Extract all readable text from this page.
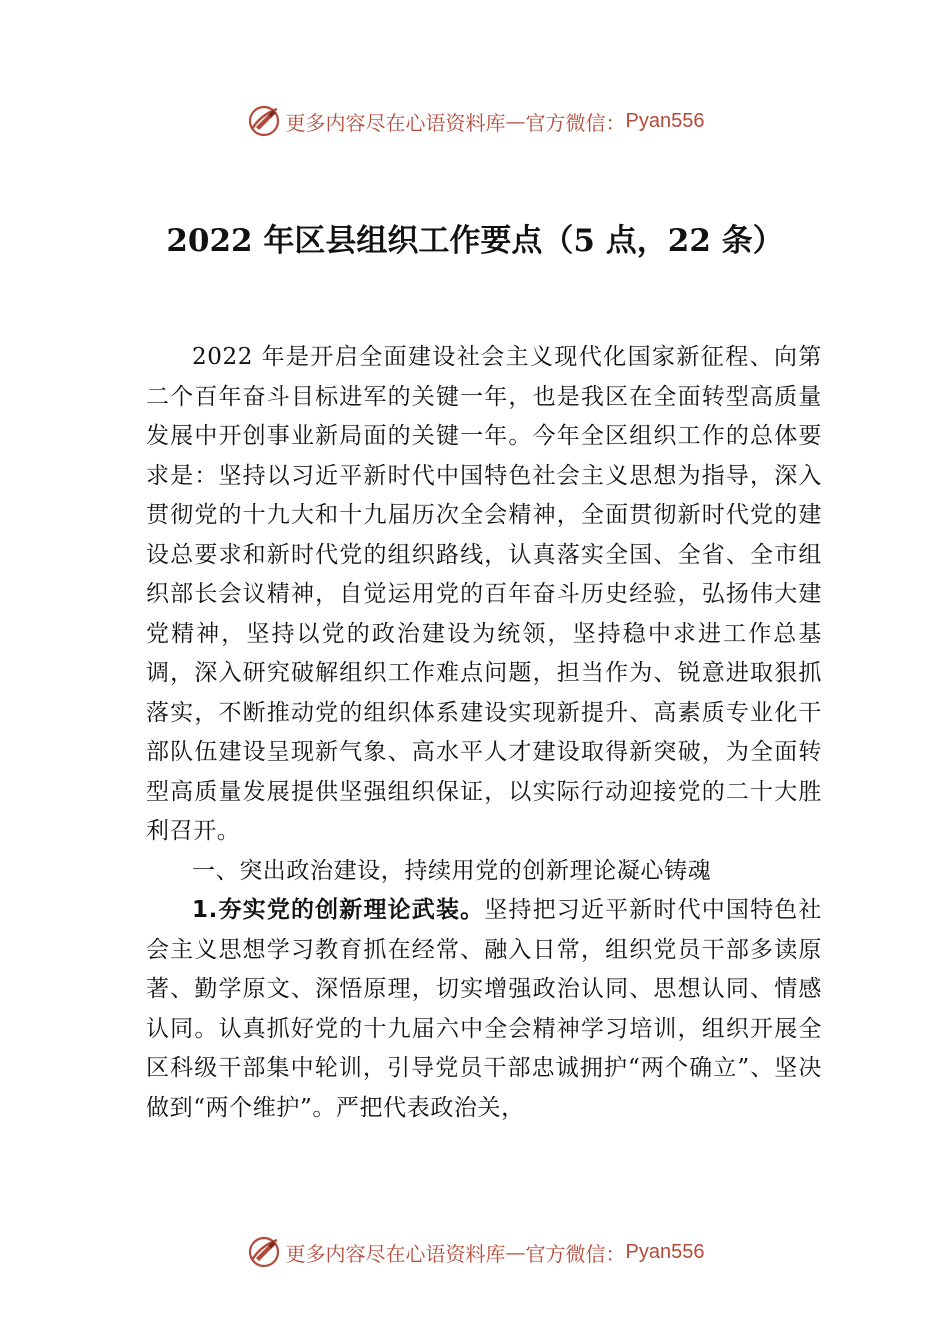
更多内容尽在心语资料库 — 官方微信： Pyan556
2022 年区县组织工作要点（5 点，22 条）

2022 年是开启全面建设社会主义现代化国家新征程、向第二个百年奋斗目标进军的关键一年，也是我区在全面转型高质量发展中开创事业新局面的关键一年。今年全区组织工作的总体要求是：坚持以习近平新时代中国特色社会主义思想为指导，深入贯彻党的十九大和十九届历次全会精神，全面贯彻新时代党的建设总要求和新时代党的组织路线，认真落实全国、全省、全市组织部长会议精神，自觉运用党的百年奋斗历史经验，弘扬伟大建党精神，坚持以党的政治建设为统领，坚持稳中求进工作总基调，深入研究破解组织工作难点问题，担当作为、锐意进取狠抓落实，不断推动党的组织体系建设实现新提升、高素质专业化干部队伍建设呈现新气象、高水平人才建设取得新突破，为全面转型高质量发展提供坚强组织保证，以实际行动迎接党的二十大胜利召开。

一、突出政治建设，持续用党的创新理论凝心铸魂

1.夯实党的创新理论武装。坚持把习近平新时代中国特色社会主义思想学习教育抓在经常、融入日常，组织党员干部多读原著、勤学原文、深悟原理，切实增强政治认同、思想认同、情感认同。认真抓好党的十九届六中全会精神学习培训，组织开展全区科级干部集中轮训，引导党员干部忠诚拥护“两个确立”、坚决做到“两个维护”。严把代表政治关，

更多内容尽在心语资料库 — 官方微信： Pyan556
